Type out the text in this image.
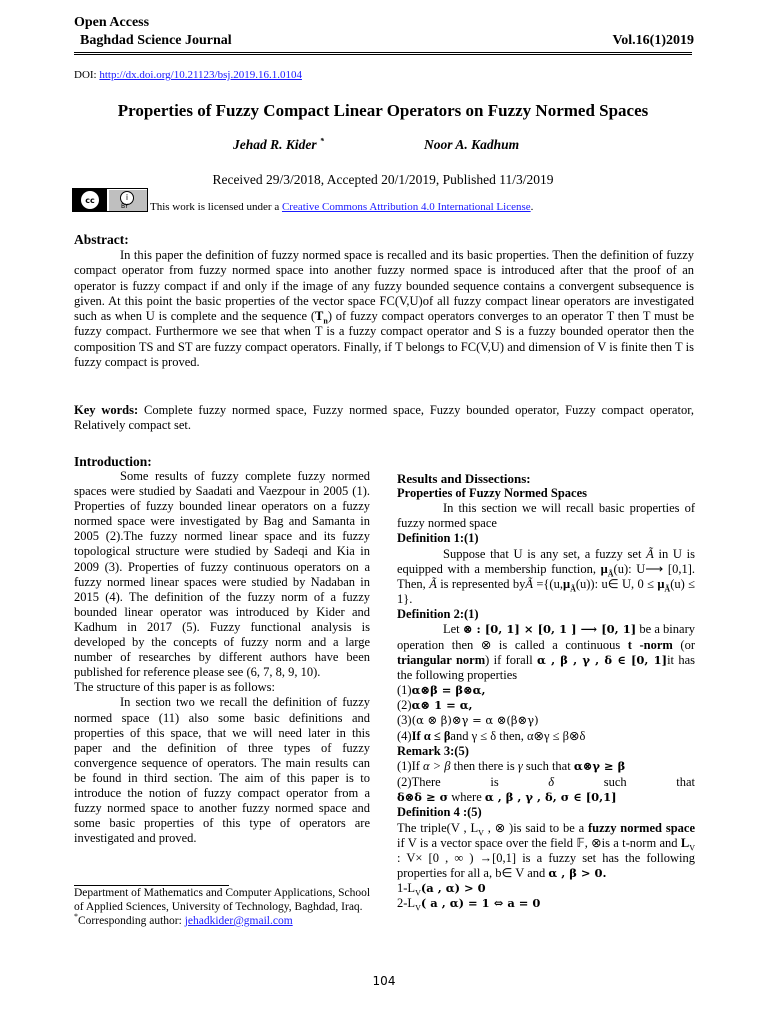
Open Access
Baghdad Science Journal	Vol.16(1)2019
DOI: http://dx.doi.org/10.21123/bsj.2019.16.1.0104
Properties of Fuzzy Compact Linear Operators on Fuzzy Normed Spaces
Jehad R. Kider *	Noor A. Kadhum
Received 29/3/2018, Accepted 20/1/2019, Published 11/3/2019
cc	i
BY This work is licensed under a Creative Commons Attribution 4.0 International License.
Abstract:
In this paper the definition of fuzzy normed space is recalled and its basic properties. Then the definition of fuzzy compact operator from fuzzy normed space into another fuzzy normed space is introduced after that the proof of an operator is fuzzy compact if and only if the image of any fuzzy bounded sequence contains a convergent subsequence is given. At this point the basic properties of the vector space FC(V,U)of all fuzzy compact linear operators are investigated such as when U is complete and the sequence $(T_n)$ of fuzzy compact operators converges to an operator T then T must be fuzzy compact. Furthermore we see that when T is a fuzzy compact operator and S is a fuzzy bounded operator then the composition TS and ST are fuzzy compact operators. Finally, if T belongs to FC(V,U) and dimension of V is finite then T is fuzzy compact is proved.
Key words: Complete fuzzy normed space, Fuzzy normed space, Fuzzy bounded operator, Fuzzy compact operator, Relatively compact set.
Introduction:
Some results of fuzzy complete fuzzy normed spaces were studied by Saadati and Vaezpour in 2005 (1). Properties of fuzzy bounded linear operators on a fuzzy normed space were investigated by Bag and Samanta in 2005 (2).The fuzzy normed linear space and its fuzzy topological structure were studied by Sadeqi and Kia in 2009 (3). Properties of fuzzy continuous operators on a fuzzy normed linear spaces were studied by Nadaban in 2015 (4). The definition of the fuzzy norm of a fuzzy bounded linear operator was introduced by Kider and Kadhum in 2017 (5). Fuzzy functional analysis is developed by the concepts of fuzzy norm and a large number of researches by different authors have been published for reference please see (6, 7, 8, 9, 10).
The structure of this paper is as follows:
In section two we recall the definition of fuzzy normed space (11) also some basic definitions and properties of this space, that we will need later in this paper and the definition of three types of fuzzy convergence sequence of operators. The main results can be found in third section. The aim of this paper is to introduce the notion of fuzzy compact operator from a fuzzy normed space to another fuzzy normed space and some basic properties of this type of operators are investigated and proved.
Department of Mathematics and Computer Applications, School of Applied Sciences, University of Technology, Baghdad, Iraq.
*Corresponding author: jehadkider@gmail.com
Results and Dissections:
Properties of Fuzzy Normed Spaces
In this section we will recall basic properties of fuzzy normed space
Definition 1:(1)
Suppose that U is any set, a fuzzy set Ã in U is equipped with a membership function, $\mu_Ã(u)$: U⟶ [0,1]. Then, Ã is represented byÃ $=\{(u,\mu_Ã(u))$: u∈ U, $0 \le \mu_Ã(u) \le 1$}.
Definition 2:(1)
Let ⊗ : [0, 1] × [0, 1 ] ⟶ [0, 1] be a binary operation then ⊗ is called a continuous t -norm (or triangular norm) if forall α , β , γ , δ ∈ [0, 1]it has the following properties
(1)α⊗β = β⊗α,
(2)α⊗ 1 = α,
(3)(α ⊗ β)⊗γ = α ⊗(β⊗γ)
(4)If α ≤ βand γ ≤ δ then, α⊗γ ≤ β⊗δ
Remark 3:(5)
(1)If α > β then there is γ such that α⊗γ ≥ β
(2)There	is	δ	such	that
δ⊗δ ≥ σ where α , β , γ , δ, σ ∈ [0,1]
Definition 4 :(5)
The triple(V , $L_V$ , ⊗ )is said to be a fuzzy normed space if V is a vector space over the field 𝔽, ⊗is a t-norm and $L_V$ : V× [0 , ∞ ) →[0,1] is a fuzzy set has the following properties for all a, b∈ V and α , β > 0.
$1-L_V(a$ , α) > 0
$2-L_V$( a , α) = 1 ⇔ a = 0
104
